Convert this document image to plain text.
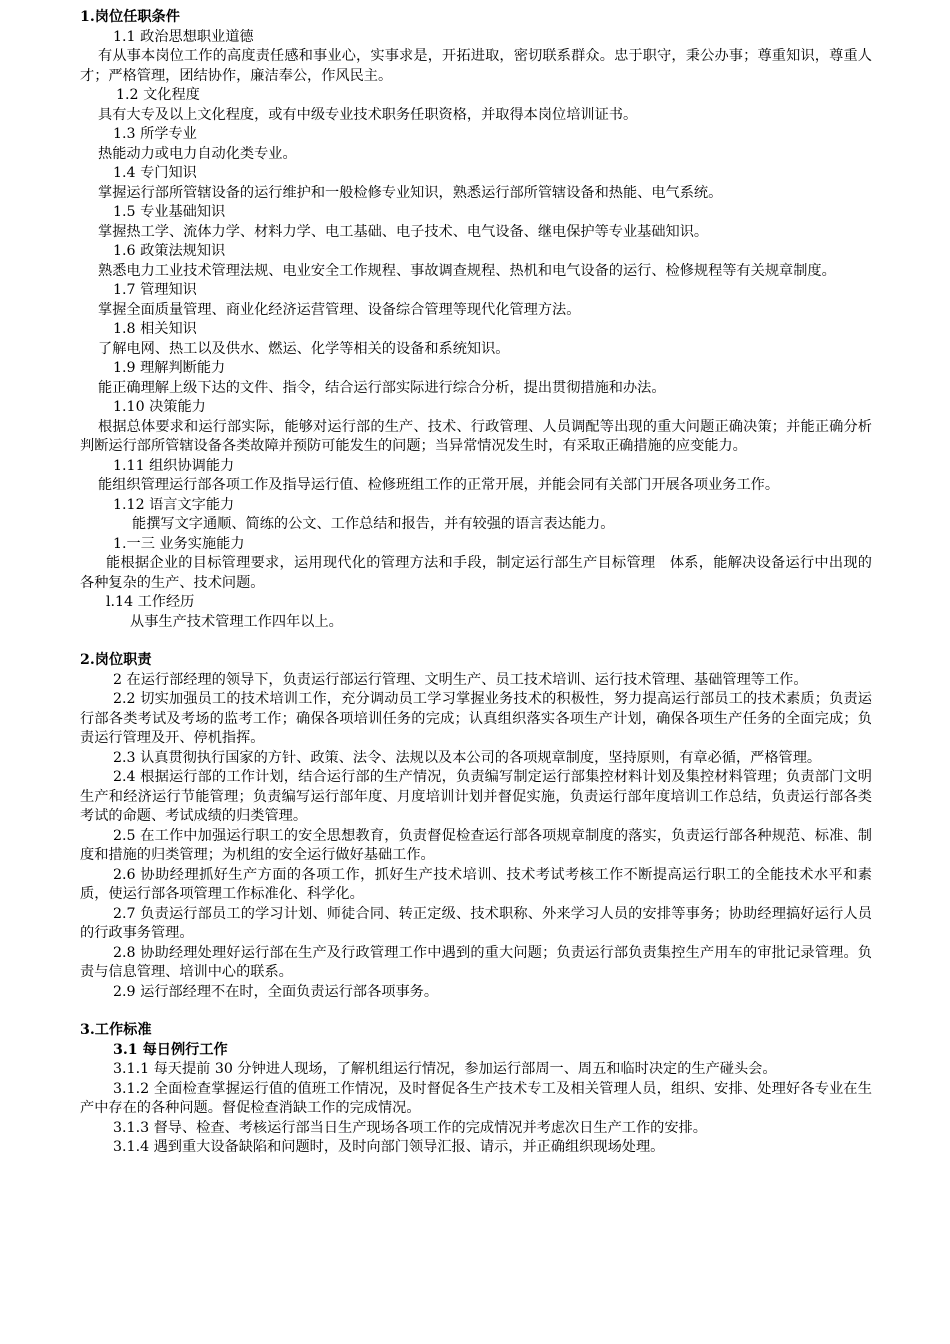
1.岗位任职条件
1.1 政治思想职业道德
有从事本岗位工作的高度责任感和事业心，实事求是，开拓进取，密切联系群众。忠于职守，秉公办事；尊重知识，尊重人才；严格管理，团结协作，廉洁奉公，作风民主。
1.2 文化程度
具有大专及以上文化程度，或有中级专业技术职务任职资格，并取得本岗位培训证书。
1.3 所学专业
热能动力或电力自动化类专业。
1.4 专门知识
掌握运行部所管辖设备的运行维护和一般检修专业知识，熟悉运行部所管辖设备和热能、电气系统。
1.5 专业基础知识
掌握热工学、流体力学、材料力学、电工基础、电子技术、电气设备、继电保护等专业基础知识。
1.6 政策法规知识
熟悉电力工业技术管理法规、电业安全工作规程、事故调查规程、热机和电气设备的运行、检修规程等有关规章制度。
1.7 管理知识
掌握全面质量管理、商业化经济运营管理、设备综合管理等现代化管理方法。
1.8 相关知识
了解电网、热工以及供水、燃运、化学等相关的设备和系统知识。
1.9 理解判断能力
能正确理解上级下达的文件、指令，结合运行部实际进行综合分析，提出贯彻措施和办法。
1.10 决策能力
根据总体要求和运行部实际，能够对运行部的生产、技术、行政管理、人员调配等出现的重大问题正确决策；并能正确分析判断运行部所管辖设备各类故障并预防可能发生的问题；当异常情况发生时，有采取正确措施的应变能力。
1.11 组织协调能力
能组织管理运行部各项工作及指导运行值、检修班组工作的正常开展，并能会同有关部门开展各项业务工作。
1.12 语言文字能力
能撰写文字通顺、简练的公文、工作总结和报告，并有较强的语言表达能力。
1.一三 业务实施能力
能根据企业的目标管理要求，运用现代化的管理方法和手段，制定运行部生产目标管理　体系，能解决设备运行中出现的各种复杂的生产、技术问题。
l.14 工作经历
从事生产技术管理工作四年以上。
2.岗位职责
2 在运行部经理的领导下，负责运行部运行管理、文明生产、员工技术培训、运行技术管理、基础管理等工作。
2.2 切实加强员工的技术培训工作，充分调动员工学习掌握业务技术的积极性，努力提高运行部员工的技术素质；负责运行部各类考试及考场的监考工作；确保各项培训任务的完成；认真组织落实各项生产计划，确保各项生产任务的全面完成；负责运行管理及开、停机指挥。
2.3 认真贯彻执行国家的方针、政策、法令、法规以及本公司的各项规章制度，坚持原则，有章必循，严格管理。
2.4 根据运行部的工作计划，结合运行部的生产情况，负责编写制定运行部集控材料计划及集控材料管理；负责部门文明生产和经济运行节能管理；负责编写运行部年度、月度培训计划并督促实施，负责运行部年度培训工作总结，负责运行部各类考试的命题、考试成绩的归类管理。
2.5 在工作中加强运行职工的安全思想教育，负责督促检查运行部各项规章制度的落实，负责运行部各种规范、标准、制度和措施的归类管理；为机组的安全运行做好基础工作。
2.6 协助经理抓好生产方面的各项工作，抓好生产技术培训、技术考试考核工作不断提高运行职工的全能技术水平和素质，使运行部各项管理工作标准化、科学化。
2.7 负责运行部员工的学习计划、师徒合同、转正定级、技术职称、外来学习人员的安排等事务；协助经理搞好运行人员的行政事务管理。
2.8 协助经理处理好运行部在生产及行政管理工作中遇到的重大问题；负责运行部负责集控生产用车的审批记录管理。负责与信息管理、培训中心的联系。
2.9 运行部经理不在时，全面负责运行部各项事务。
3.工作标准
3.1 每日例行工作
3.1.1 每天提前 30 分钟进人现场，了解机组运行情况，参加运行部周一、周五和临时决定的生产碰头会。
3.1.2 全面检查掌握运行值的值班工作情况，及时督促各生产技术专工及相关管理人员，组织、安排、处理好各专业在生产中存在的各种问题。督促检查消缺工作的完成情况。
3.1.3 督导、检查、考核运行部当日生产现场各项工作的完成情况并考虑次日生产工作的安排。
3.1.4 遇到重大设备缺陷和问题时，及时向部门领导汇报、请示，并正确组织现场处理。
